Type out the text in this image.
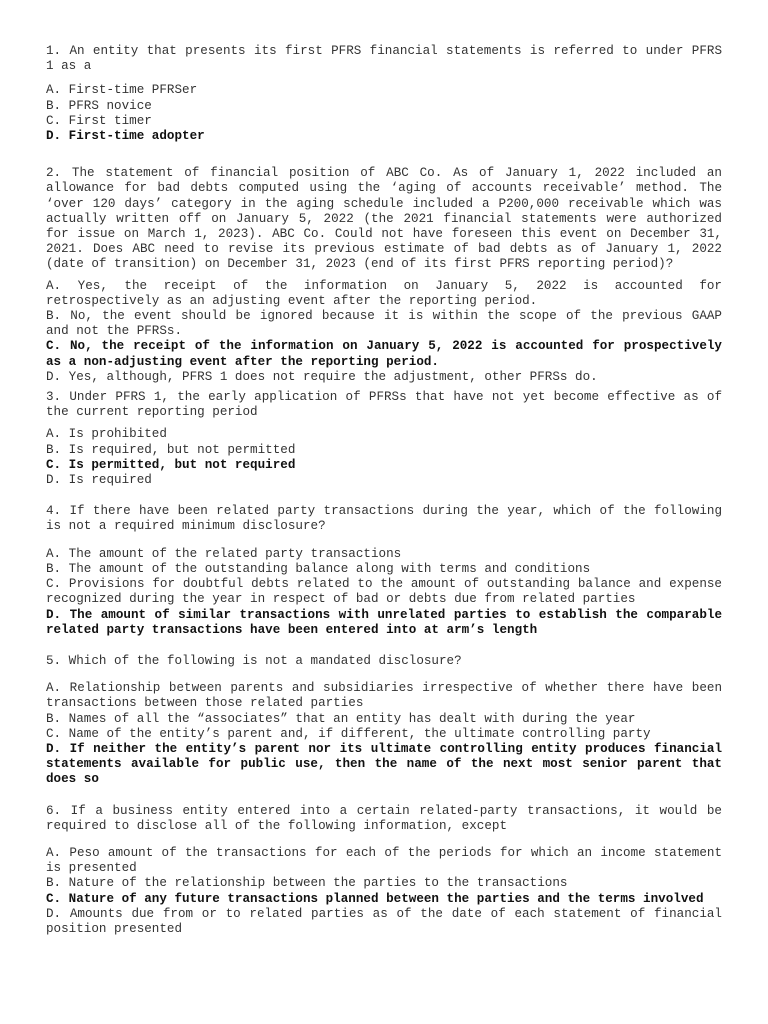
1. An entity that presents its first PFRS financial statements is referred to under PFRS 1 as a
A. First-time PFRSer
B. PFRS novice
C. First timer
D. First-time adopter
2. The statement of financial position of ABC Co. As of January 1, 2022 included an allowance for bad debts computed using the ‘aging of accounts receivable’ method. The ‘over 120 days’ category in the aging schedule included a P200,000 receivable which was actually written off on January 5, 2022 (the 2021 financial statements were authorized for issue on March 1, 2023). ABC Co. Could not have foreseen this event on December 31, 2021. Does ABC need to revise its previous estimate of bad debts as of January 1, 2022 (date of transition) on December 31, 2023 (end of its first PFRS reporting period)?
A. Yes, the receipt of the information on January 5, 2022 is accounted for retrospectively as an adjusting event after the reporting period.
B. No, the event should be ignored because it is within the scope of the previous GAAP and not the PFRSs.
C. No, the receipt of the information on January 5, 2022 is accounted for prospectively as a non-adjusting event after the reporting period.
D. Yes, although, PFRS 1 does not require the adjustment, other PFRSs do.
3. Under PFRS 1, the early application of PFRSs that have not yet become effective as of the current reporting period
A. Is prohibited
B. Is required, but not permitted
C. Is permitted, but not required
D. Is required
4. If there have been related party transactions during the year, which of the following is not a required minimum disclosure?
A. The amount of the related party transactions
B. The amount of the outstanding balance along with terms and conditions
C. Provisions for doubtful debts related to the amount of outstanding balance and expense recognized during the year in respect of bad or debts due from related parties
D. The amount of similar transactions with unrelated parties to establish the comparable related party transactions have been entered into at arm’s length
5. Which of the following is not a mandated disclosure?
A. Relationship between parents and subsidiaries irrespective of whether there have been transactions between those related parties
B. Names of all the “associates” that an entity has dealt with during the year
C. Name of the entity’s parent and, if different, the ultimate controlling party
D. If neither the entity’s parent nor its ultimate controlling entity produces financial statements available for public use, then the name of the next most senior parent that does so
6. If a business entity entered into a certain related-party transactions, it would be required to disclose all of the following information, except
A. Peso amount of the transactions for each of the periods for which an income statement is presented
B. Nature of the relationship between the parties to the transactions
C. Nature of any future transactions planned between the parties and the terms involved
D. Amounts due from or to related parties as of the date of each statement of financial position presented
